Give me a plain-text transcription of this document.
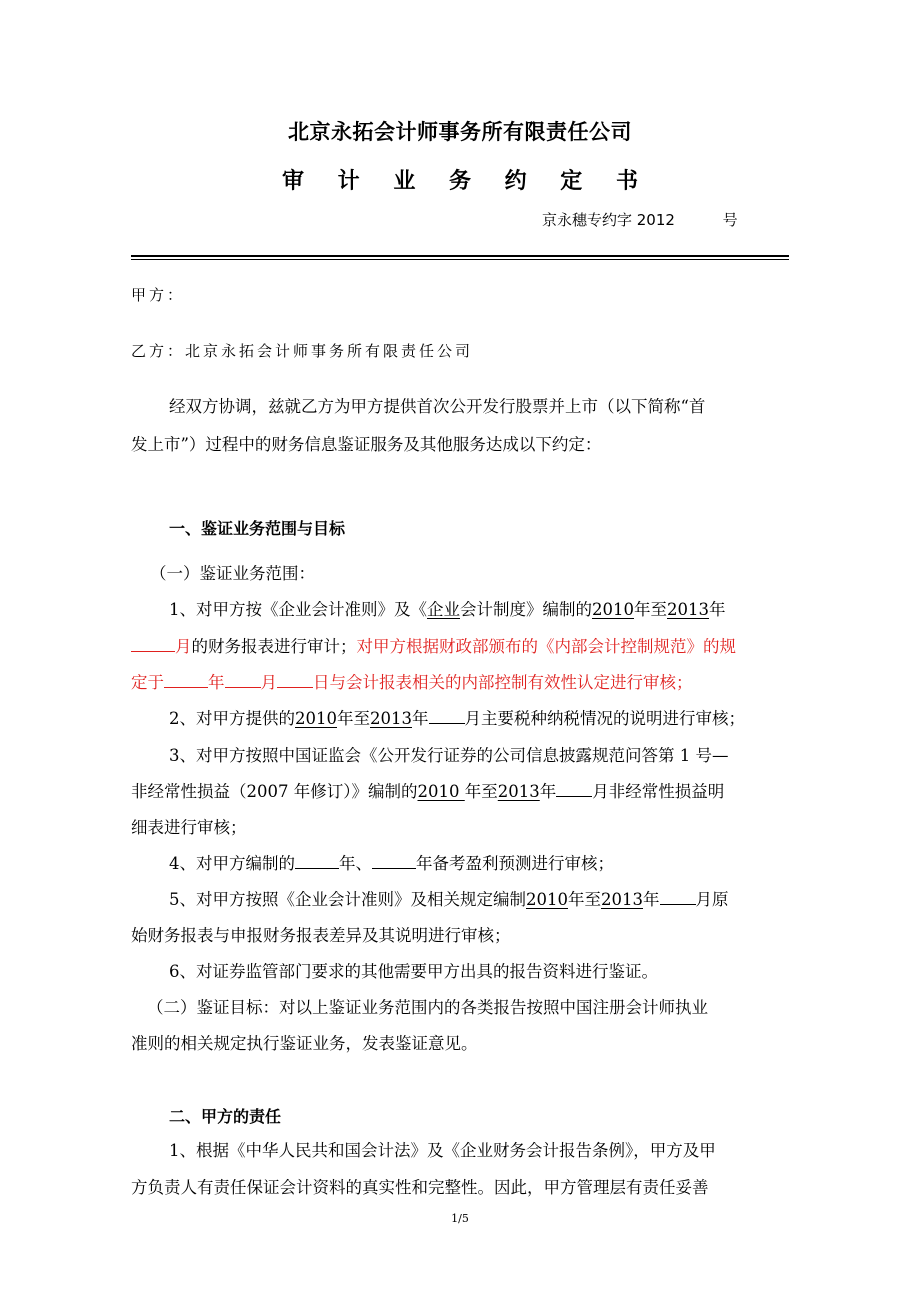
北京永拓会计师事务所有限责任公司
审 计 业 务 约 定 书
京永穗专约字 2012          号
甲方：
乙方：北京永拓会计师事务所有限责任公司
经双方协调，兹就乙方为甲方提供首次公开发行股票并上市（以下简称“首
发上市”）过程中的财务信息鉴证服务及其他服务达成以下约定：
一、鉴证业务范围与目标
（一）鉴证业务范围：
1、对甲方按《企业会计准则》及《企业会计制度》编制的2010年至2013年
月的财务报表进行审计；对甲方根据财政部颁布的《内部会计控制规范》的规
定于	年 月 日与会计报表相关的内部控制有效性认定进行审核；
2、对甲方提供的2010年至2013年 月主要税种纳税情况的说明进行审核；
3、对甲方按照中国证监会《公开发行证券的公司信息披露规范问答第 1 号—
非经常性损益（2007 年修订）》编制的2010 年至2013年 月非经常性损益明
细表进行审核；
4、对甲方编制的	年、	年备考盈利预测进行审核；
5、对甲方按照《企业会计准则》及相关规定编制2010年至2013年 月原
始财务报表与申报财务报表差异及其说明进行审核；
6、对证券监管部门要求的其他需要甲方出具的报告资料进行鉴证。
（二）鉴证目标：对以上鉴证业务范围内的各类报告按照中国注册会计师执业
准则的相关规定执行鉴证业务，发表鉴证意见。
二、甲方的责任
1、根据《中华人民共和国会计法》及《企业财务会计报告条例》，甲方及甲
方负责人有责任保证会计资料的真实性和完整性。因此，甲方管理层有责任妥善
1/5
